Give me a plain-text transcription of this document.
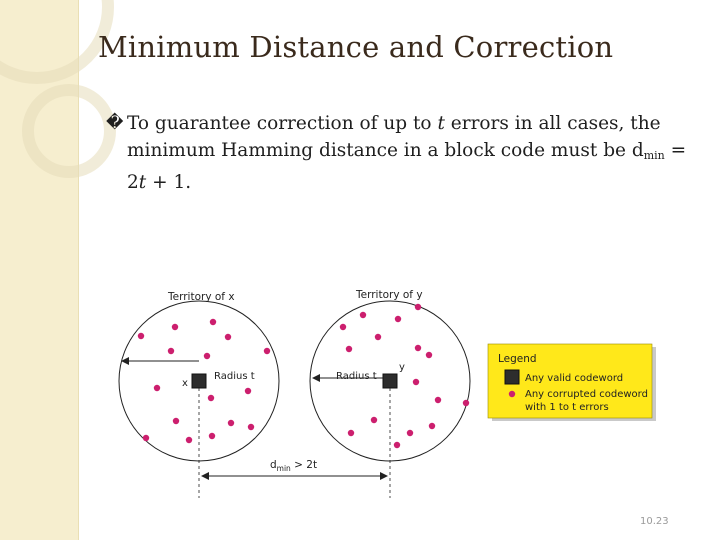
Minimum Distance and Correction
� To guarantee correction of up to t errors in all cases, the minimum Hamming distance in a block code must be $d_{min} = 2t + 1$.
Territory of x	Territory of y
Radius t	Radius t
x
y
$d_{min} > 2t$
Legend
Any valid codeword
Any corrupted codeword
with 1 to t errors
10.23
